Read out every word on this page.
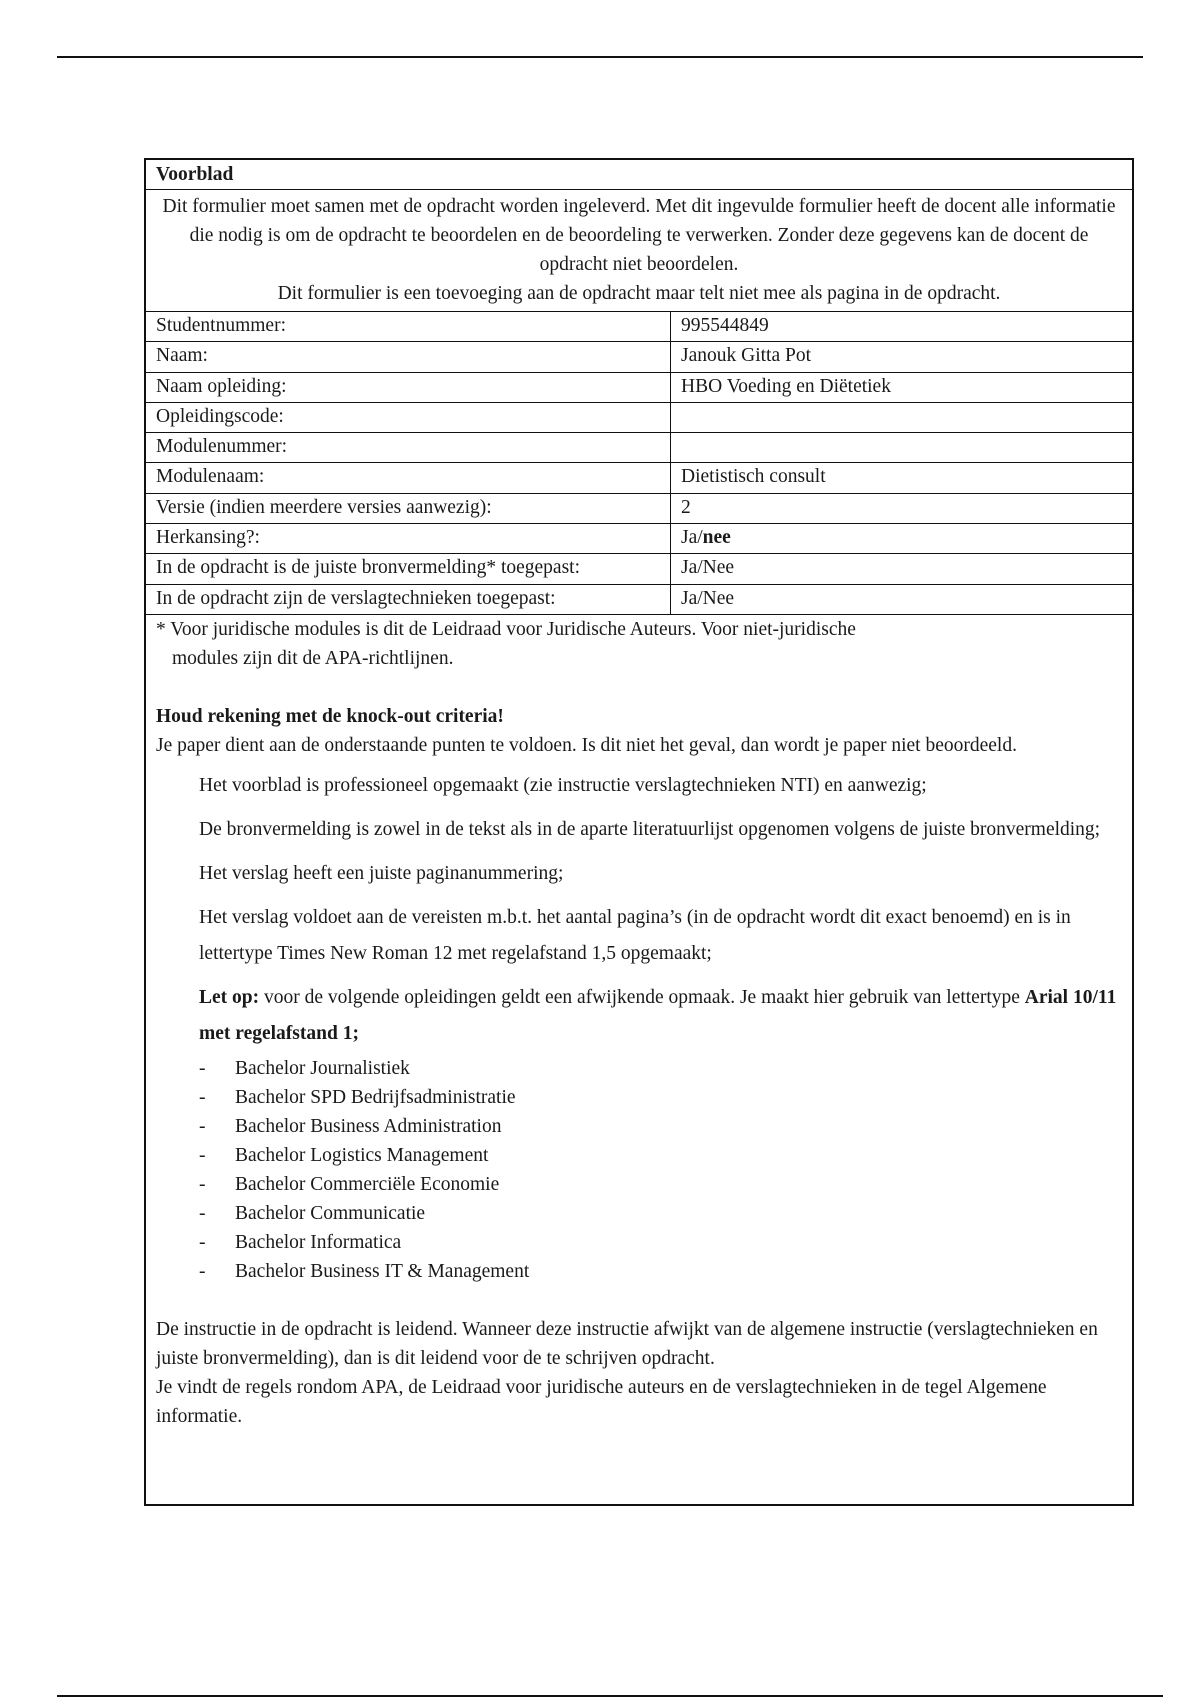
Voorblad

Dit formulier moet samen met de opdracht worden ingeleverd. Met dit ingevulde formulier heeft de docent alle informatie die nodig is om de opdracht te beoordelen en de beoordeling te verwerken. Zonder deze gegevens kan de docent de opdracht niet beoordelen.

Dit formulier is een toevoeging aan de opdracht maar telt niet mee als pagina in de opdracht.

Studentnummer:	995544849
Naam:	Janouk Gitta Pot
Naam opleiding:	HBO Voeding en Diëtetiek
Opleidingscode:
Modulenummer:
Modulenaam:	Dietistisch consult
Versie (indien meerdere versies aanwezig):	2
Herkansing?:	Ja/nee
In de opdracht is de juiste bronvermelding* toegepast:	Ja/Nee
In de opdracht zijn de verslagtechnieken toegepast:	Ja/Nee

* Voor juridische modules is dit de Leidraad voor Juridische Auteurs. Voor niet-juridische
modules zijn dit de APA-richtlijnen.

Houd rekening met de knock-out criteria!

Je paper dient aan de onderstaande punten te voldoen. Is dit niet het geval, dan wordt je paper niet beoordeeld.

Het voorblad is professioneel opgemaakt (zie instructie verslagtechnieken NTI) en aanwezig;

De bronvermelding is zowel in de tekst als in de aparte literatuurlijst opgenomen volgens de juiste bronvermelding;

Het verslag heeft een juiste paginanummering;

Het verslag voldoet aan de vereisten m.b.t. het aantal pagina’s (in de opdracht wordt dit exact benoemd) en is in lettertype Times New Roman 12 met regelafstand 1,5 opgemaakt;

Let op: voor de volgende opleidingen geldt een afwijkende opmaak. Je maakt hier gebruik van lettertype Arial 10/11 met regelafstand 1;

- Bachelor Journalistiek
- Bachelor SPD Bedrijfsadministratie
- Bachelor Business Administration
- Bachelor Logistics Management
- Bachelor Commerciële Economie
- Bachelor Communicatie
- Bachelor Informatica
- Bachelor Business IT & Management

De instructie in de opdracht is leidend. Wanneer deze instructie afwijkt van de algemene instructie (verslagtechnieken en juiste bronvermelding), dan is dit leidend voor de te schrijven opdracht.

Je vindt de regels rondom APA, de Leidraad voor juridische auteurs en de verslagtechnieken in de tegel Algemene informatie.
